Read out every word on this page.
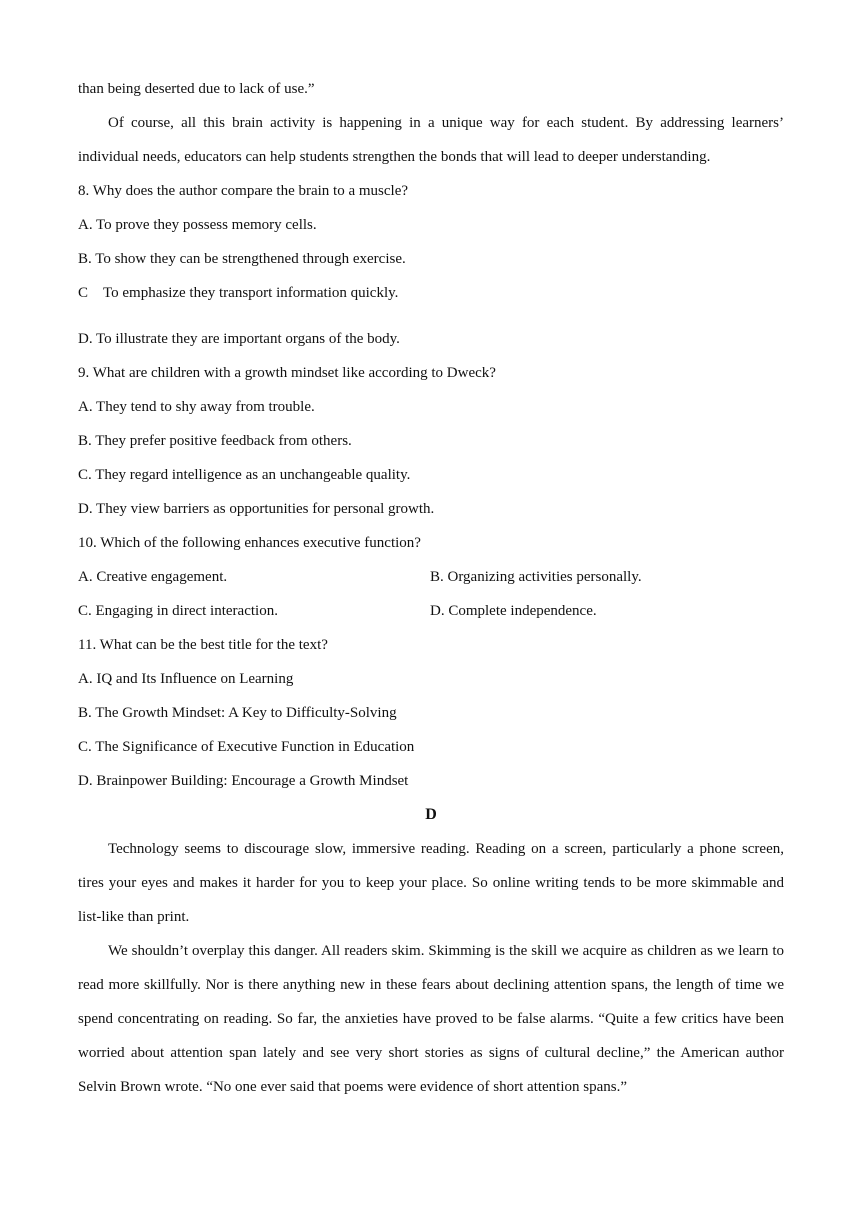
than being deserted due to lack of use.”
Of course, all this brain activity is happening in a unique way for each student. By addressing learners’ individual needs, educators can help students strengthen the bonds that will lead to deeper understanding.
8. Why does the author compare the brain to a muscle?
A. To prove they possess memory cells.
B. To show they can be strengthened through exercise.
C To emphasize they transport information quickly.
D. To illustrate they are important organs of the body.
9. What are children with a growth mindset like according to Dweck?
A. They tend to shy away from trouble.
B. They prefer positive feedback from others.
C. They regard intelligence as an unchangeable quality.
D. They view barriers as opportunities for personal growth.
10. Which of the following enhances executive function?
A. Creative engagement.	B. Organizing activities personally.
C. Engaging in direct interaction.	D. Complete independence.
11. What can be the best title for the text?
A. IQ and Its Influence on Learning
B. The Growth Mindset: A Key to Difficulty-Solving
C. The Significance of Executive Function in Education
D. Brainpower Building: Encourage a Growth Mindset
D
Technology seems to discourage slow, immersive reading. Reading on a screen, particularly a phone screen, tires your eyes and makes it harder for you to keep your place. So online writing tends to be more skimmable and list-like than print.
We shouldn’t overplay this danger. All readers skim. Skimming is the skill we acquire as children as we learn to read more skillfully. Nor is there anything new in these fears about declining attention spans, the length of time we spend concentrating on reading. So far, the anxieties have proved to be false alarms. “Quite a few critics have been worried about attention span lately and see very short stories as signs of cultural decline,” the American author Selvin Brown wrote. “No one ever said that poems were evidence of short attention spans.”
